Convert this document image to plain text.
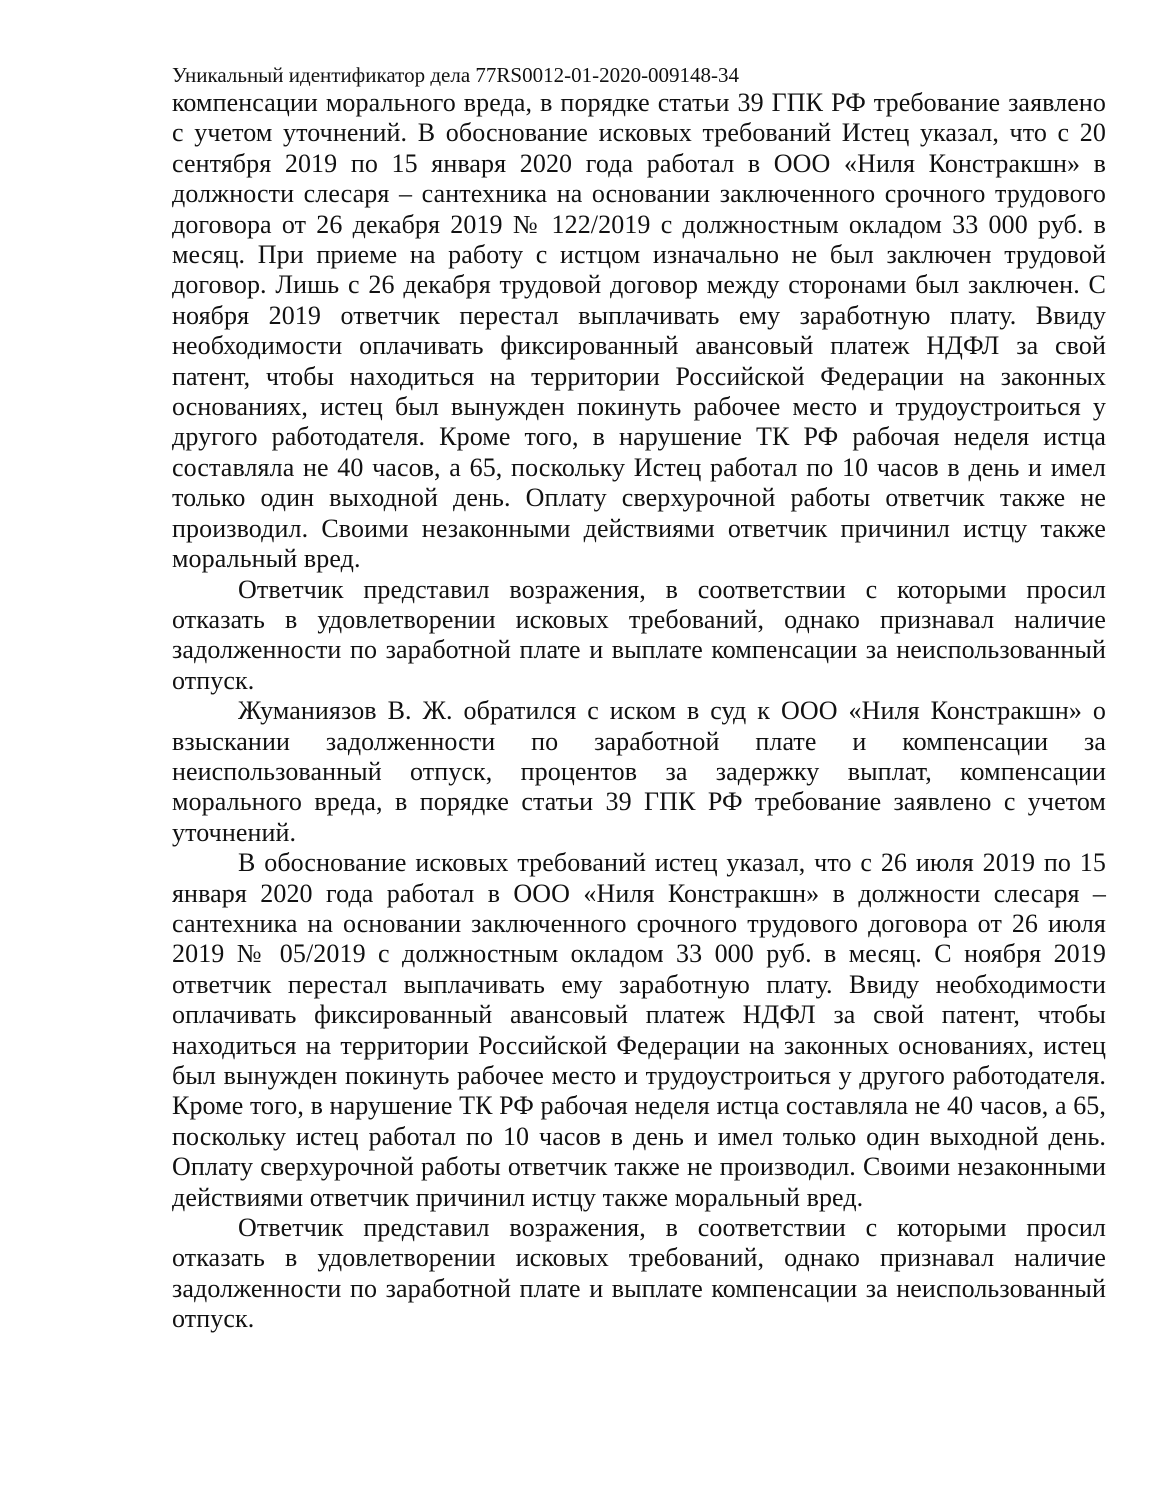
Уникальный идентификатор дела 77RS0012-01-2020-009148-34

компенсации морального вреда, в порядке статьи 39 ГПК РФ требование заявлено с учетом уточнений. В обоснование исковых требований Истец указал, что с 20 сентября 2019 по 15 января 2020 года работал в ООО «Ниля Констракшн» в должности слесаря – сантехника на основании заключенного срочного трудового договора от 26 декабря 2019 № 122/2019 с должностным окладом 33 000 руб. в месяц. При приеме на работу с истцом изначально не был заключен трудовой договор. Лишь с 26 декабря трудовой договор между сторонами был заключен. С ноября 2019 ответчик перестал выплачивать ему заработную плату. Ввиду необходимости оплачивать фиксированный авансовый платеж НДФЛ за свой патент, чтобы находиться на территории Российской Федерации на законных основаниях, истец был вынужден покинуть рабочее место и трудоустроиться у другого работодателя. Кроме того, в нарушение ТК РФ рабочая неделя истца составляла не 40 часов, а 65, поскольку Истец работал по 10 часов в день и имел только один выходной день. Оплату сверхурочной работы ответчик также не производил. Своими незаконными действиями ответчик причинил истцу также моральный вред.

Ответчик представил возражения, в соответствии с которыми просил отказать в удовлетворении исковых требований, однако признавал наличие задолженности по заработной плате и выплате компенсации за неиспользованный отпуск.

Жуманиязов В. Ж. обратился с иском в суд к ООО «Ниля Констракшн» о взыскании задолженности по заработной плате и компенсации за неиспользованный отпуск, процентов за задержку выплат, компенсации морального вреда, в порядке статьи 39 ГПК РФ требование заявлено с учетом уточнений.

В обоснование исковых требований истец указал, что с 26 июля 2019 по 15 января 2020 года работал в ООО «Ниля Констракшн» в должности слесаря – сантехника на основании заключенного срочного трудового договора от 26 июля 2019 № 05/2019 с должностным окладом 33 000 руб. в месяц. С ноября 2019 ответчик перестал выплачивать ему заработную плату. Ввиду необходимости оплачивать фиксированный авансовый платеж НДФЛ за свой патент, чтобы находиться на территории Российской Федерации на законных основаниях, истец был вынужден покинуть рабочее место и трудоустроиться у другого работодателя. Кроме того, в нарушение ТК РФ рабочая неделя истца составляла не 40 часов, а 65, поскольку истец работал по 10 часов в день и имел только один выходной день. Оплату сверхурочной работы ответчик также не производил. Своими незаконными действиями ответчик причинил истцу также моральный вред.

Ответчик представил возражения, в соответствии с которыми просил отказать в удовлетворении исковых требований, однако признавал наличие задолженности по заработной плате и выплате компенсации за неиспользованный отпуск.
